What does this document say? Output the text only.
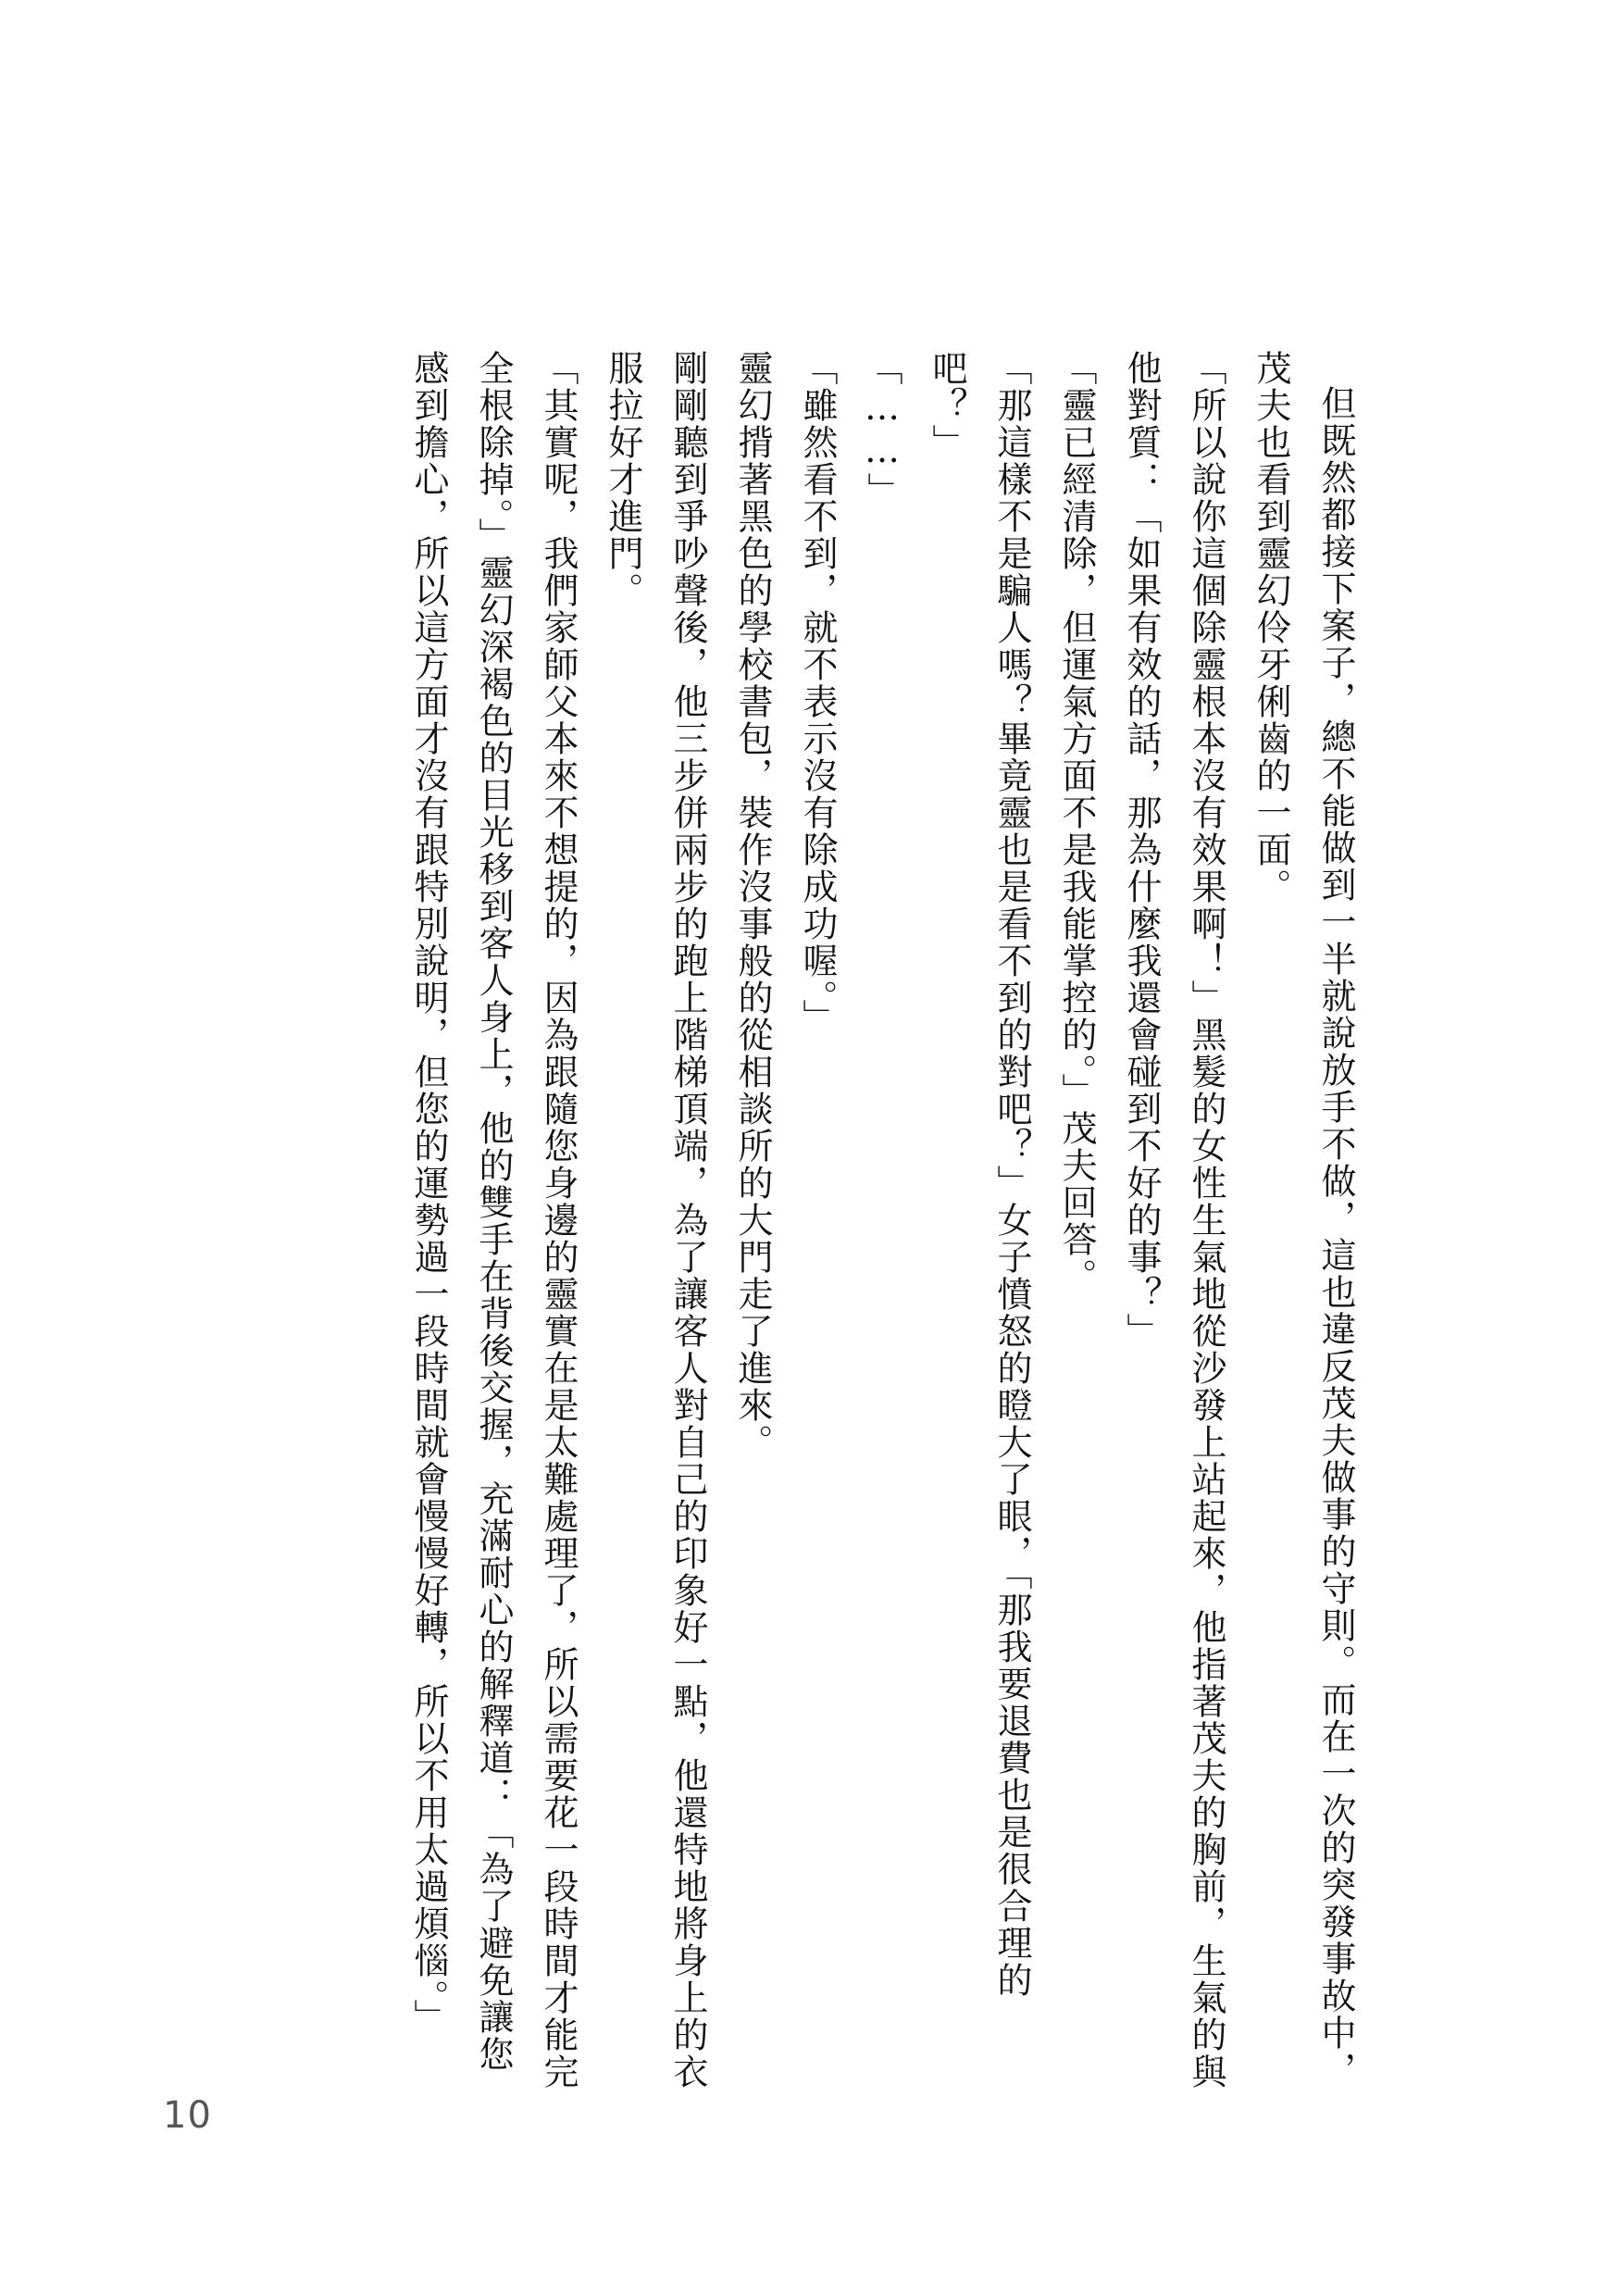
但既然都接下案子，總不能做到一半就說放手不做，這也違反茂夫做事的守則。而在一次的突發事故中，茂夫也看到靈幻伶牙俐齒的一面。

「所以說你這個除靈根本沒有效果啊！」黑髮的女性生氣地從沙發上站起來，他指著茂夫的胸前，生氣的與他對質：「如果有效的話，那為什麼我還會碰到不好的事？」

「靈已經清除，但運氣方面不是我能掌控的。」茂夫回答。

「那這樣不是騙人嗎？畢竟靈也是看不到的對吧？」女子憤怒的瞪大了眼，「那我要退費也是很合理的吧？」

「……」

「雖然看不到，就不表示沒有除成功喔。」

靈幻揹著黑色的學校書包，裝作沒事般的從相談所的大門走了進來。

剛剛聽到爭吵聲後，他三步併兩步的跑上階梯頂端，為了讓客人對自己的印象好一點，他還特地將身上的衣服拉好才進門。

「其實呢，我們家師父本來不想提的，因為跟隨您身邊的靈實在是太難處理了，所以需要花一段時間才能完全根除掉。」靈幻深褐色的目光移到客人身上，他的雙手在背後交握，充滿耐心的解釋道：「為了避免讓您感到擔心，所以這方面才沒有跟特別說明，但您的運勢過一段時間就會慢慢好轉，所以不用太過煩惱。」

10
